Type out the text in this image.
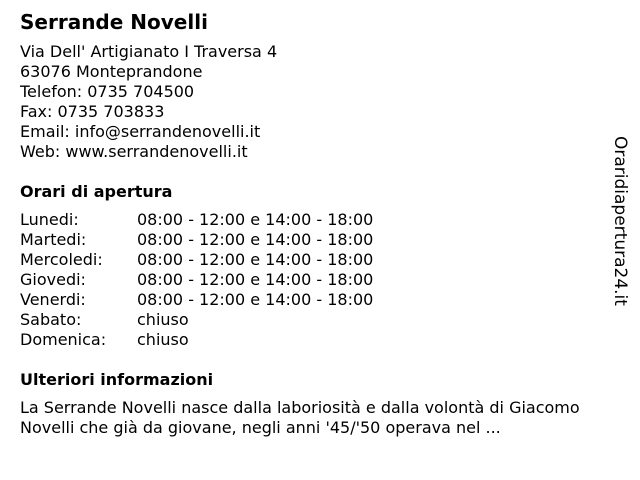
Serrande Novelli
Via Dell' Artigianato I Traversa 4
63076 Monteprandone
Telefon: 0735 704500
Fax: 0735 703833
Email: info@serrandenovelli.it
Web: www.serrandenovelli.it
Orari di apertura
Lunedi:	08:00 - 12:00 e 14:00 - 18:00
Martedi:	08:00 - 12:00 e 14:00 - 18:00
Mercoledi:	08:00 - 12:00 e 14:00 - 18:00
Giovedi:	08:00 - 12:00 e 14:00 - 18:00
Venerdi:	08:00 - 12:00 e 14:00 - 18:00
Sabato:	chiuso
Domenica:	chiuso
Ulteriori informazioni
La Serrande Novelli nasce dalla laboriosità e dalla volontà di Giacomo Novelli che già da giovane, negli anni '45/'50 operava nel ...
Oraridiapertura24.it
